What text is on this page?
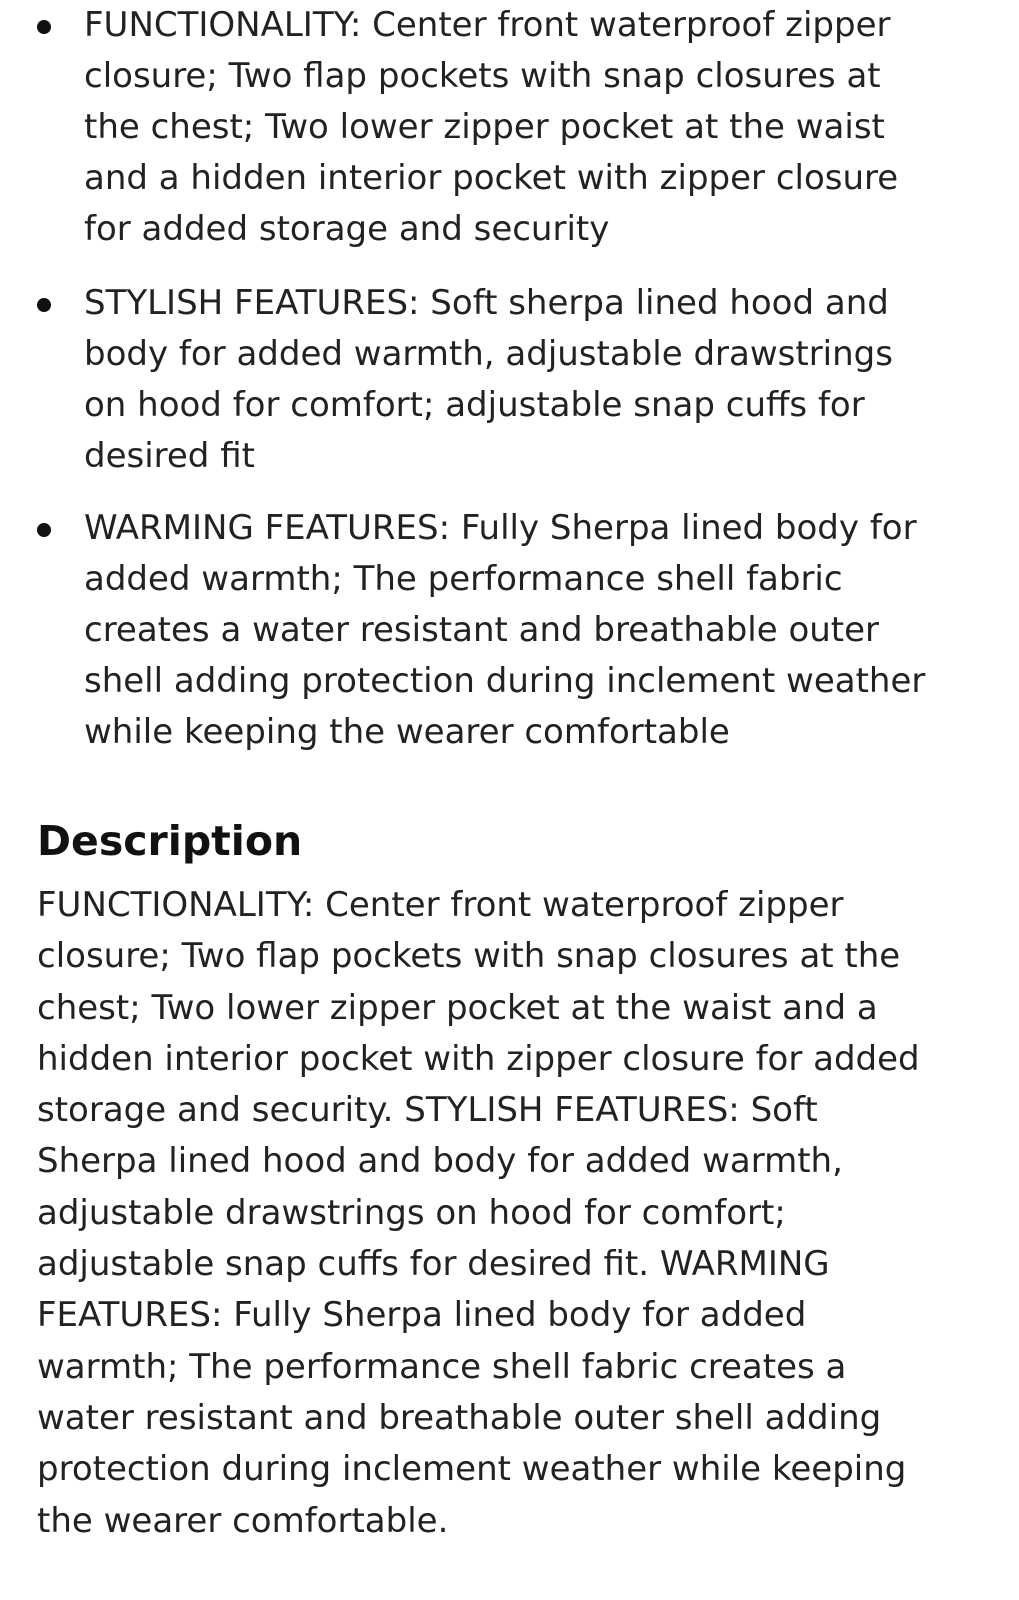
FUNCTIONALITY: Center front waterproof zipper
closure; Two flap pockets with snap closures at
the chest; Two lower zipper pocket at the waist
and a hidden interior pocket with zipper closure
for added storage and security
STYLISH FEATURES: Soft sherpa lined hood and
body for added warmth, adjustable drawstrings
on hood for comfort; adjustable snap cuffs for
desired fit
WARMING FEATURES: Fully Sherpa lined body for
added warmth; The performance shell fabric
creates a water resistant and breathable outer
shell adding protection during inclement weather
while keeping the wearer comfortable
Description

FUNCTIONALITY: Center front waterproof zipper
closure; Two flap pockets with snap closures at the
chest; Two lower zipper pocket at the waist and a
hidden interior pocket with zipper closure for added
storage and security. STYLISH FEATURES: Soft
Sherpa lined hood and body for added warmth,
adjustable drawstrings on hood for comfort;
adjustable snap cuffs for desired fit. WARMING
FEATURES: Fully Sherpa lined body for added
warmth; The performance shell fabric creates a
water resistant and breathable outer shell adding
protection during inclement weather while keeping
the wearer comfortable.
